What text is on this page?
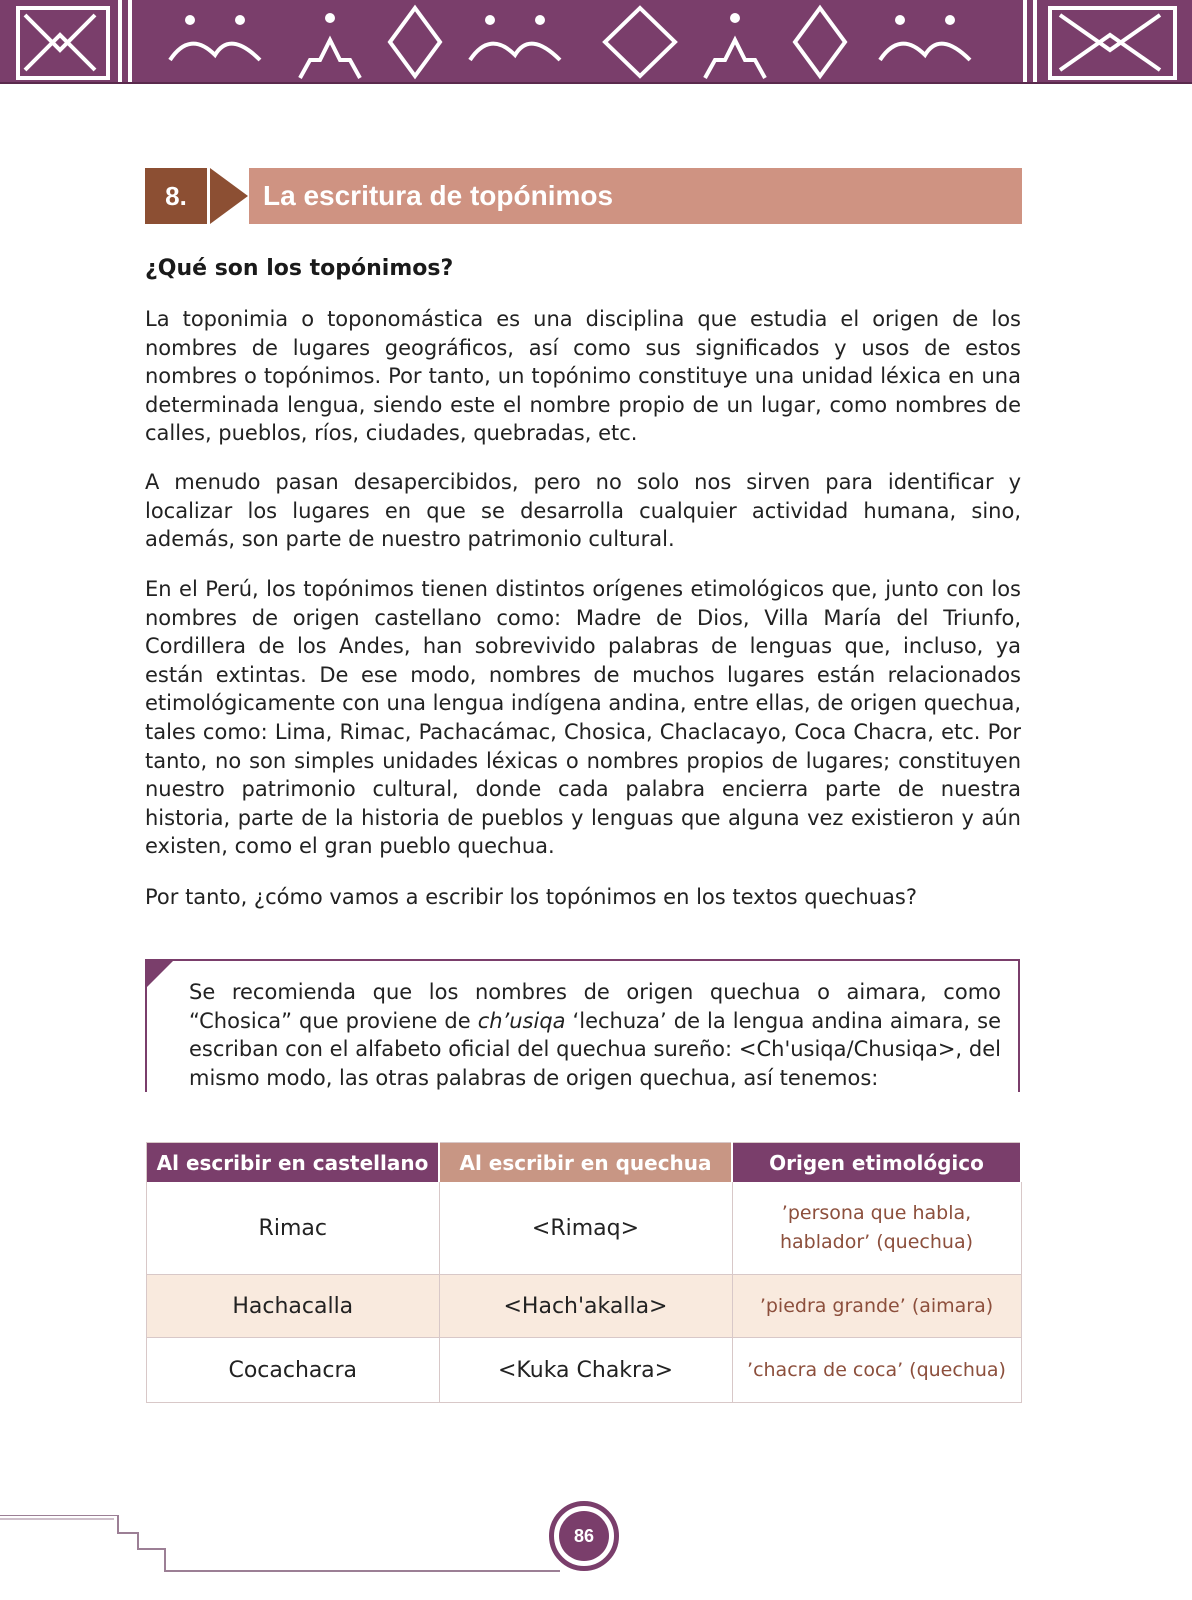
8.	La escritura de topónimos
¿Qué son los topónimos?

La toponimia o toponomástica es una disciplina que estudia el origen de los nombres de lugares geográficos, así como sus significados y usos de estos nombres o topónimos. Por tanto, un topónimo constituye una unidad léxica en una determinada lengua, siendo este el nombre propio de un lugar, como nombres de calles, pueblos, ríos, ciudades, quebradas, etc.

A menudo pasan desapercibidos, pero no solo nos sirven para identificar y localizar los lugares en que se desarrolla cualquier actividad humana, sino, además, son parte de nuestro patrimonio cultural.

En el Perú, los topónimos tienen distintos orígenes etimológicos que, junto con los nombres de origen castellano como: Madre de Dios, Villa María del Triunfo, Cordillera de los Andes, han sobrevivido palabras de lenguas que, incluso, ya están extintas. De ese modo, nombres de muchos lugares están relacionados etimológicamente con una lengua indígena andina, entre ellas, de origen quechua, tales como: Lima, Rimac, Pachacámac, Chosica, Chaclacayo, Coca Chacra, etc. Por tanto, no son simples unidades léxicas o nombres propios de lugares; constituyen nuestro patrimonio cultural, donde cada palabra encierra parte de nuestra historia, parte de la historia de pueblos y lenguas que alguna vez existieron y aún existen, como el gran pueblo quechua.

Por tanto, ¿cómo vamos a escribir los topónimos en los textos quechuas?

Se recomienda que los nombres de origen quechua o aimara, como “Chosica” que proviene de ch’usiqa ‘lechuza’ de la lengua andina aimara, se escriban con el alfabeto oficial del quechua sureño: <Ch'usiqa/Chusiqa>, del mismo modo, las otras palabras de origen quechua, así tenemos:
Al escribir en castellano	Al escribir en quechua	Origen etimológico
Rimac	<Rimaq>	’persona que habla, hablador’ (quechua)
Hachacalla	<Hach'akalla>	’piedra grande’ (aimara)
Cocachacra	<Kuka Chakra>	’chacra de coca’ (quechua)
86
